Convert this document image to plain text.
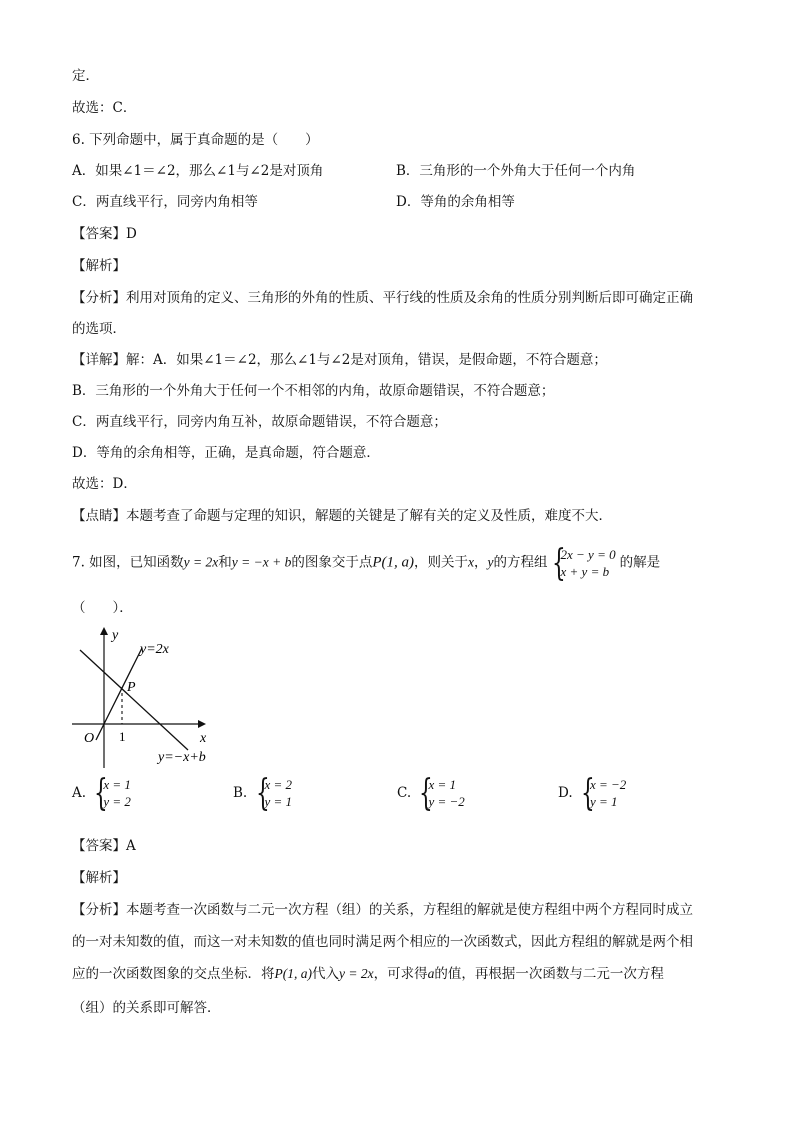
定．
故选：C．
6. 下列命题中，属于真命题的是（　　）
A．如果∠1＝∠2，那么∠1与∠2是对顶角	B．三角形的一个外角大于任何一个内角
C．两直线平行，同旁内角相等	D．等角的余角相等
【答案】D
【解析】
【分析】利用对顶角的定义、三角形的外角的性质、平行线的性质及余角的性质分别判断后即可确定正确
的选项．
【详解】解：A．如果∠1＝∠2，那么∠1与∠2是对顶角，错误，是假命题，不符合题意；
B．三角形的一个外角大于任何一个不相邻的内角，故原命题错误，不符合题意；
C．两直线平行，同旁内角互补，故原命题错误，不符合题意；
D．等角的余角相等，正确，是真命题，符合题意．
故选：D．
【点睛】本题考查了命题与定理的知识，解题的关键是了解有关的定义及性质，难度不大．
7. 如图，已知函数y = 2x和y = −x + b的图象交于点P(1, a)，则关于x，y的方程组 {
2x − y = 0
x + y = b
的解是
（　　）．
y
x
O 1
P
y=2x
y=−x+b
A. {
x = 1
y = 2
B. {
x = 2
y = 1
C. {
x = 1
y = −2
D. {
x = −2
y = 1
【答案】A
【解析】
【分析】本题考查一次函数与二元一次方程（组）的关系，方程组的解就是使方程组中两个方程同时成立
的一对未知数的值，而这一对未知数的值也同时满足两个相应的一次函数式，因此方程组的解就是两个相
应的一次函数图象的交点坐标．将P(1, a)代入y = 2x，可求得a的值，再根据一次函数与二元一次方程
（组）的关系即可解答．
